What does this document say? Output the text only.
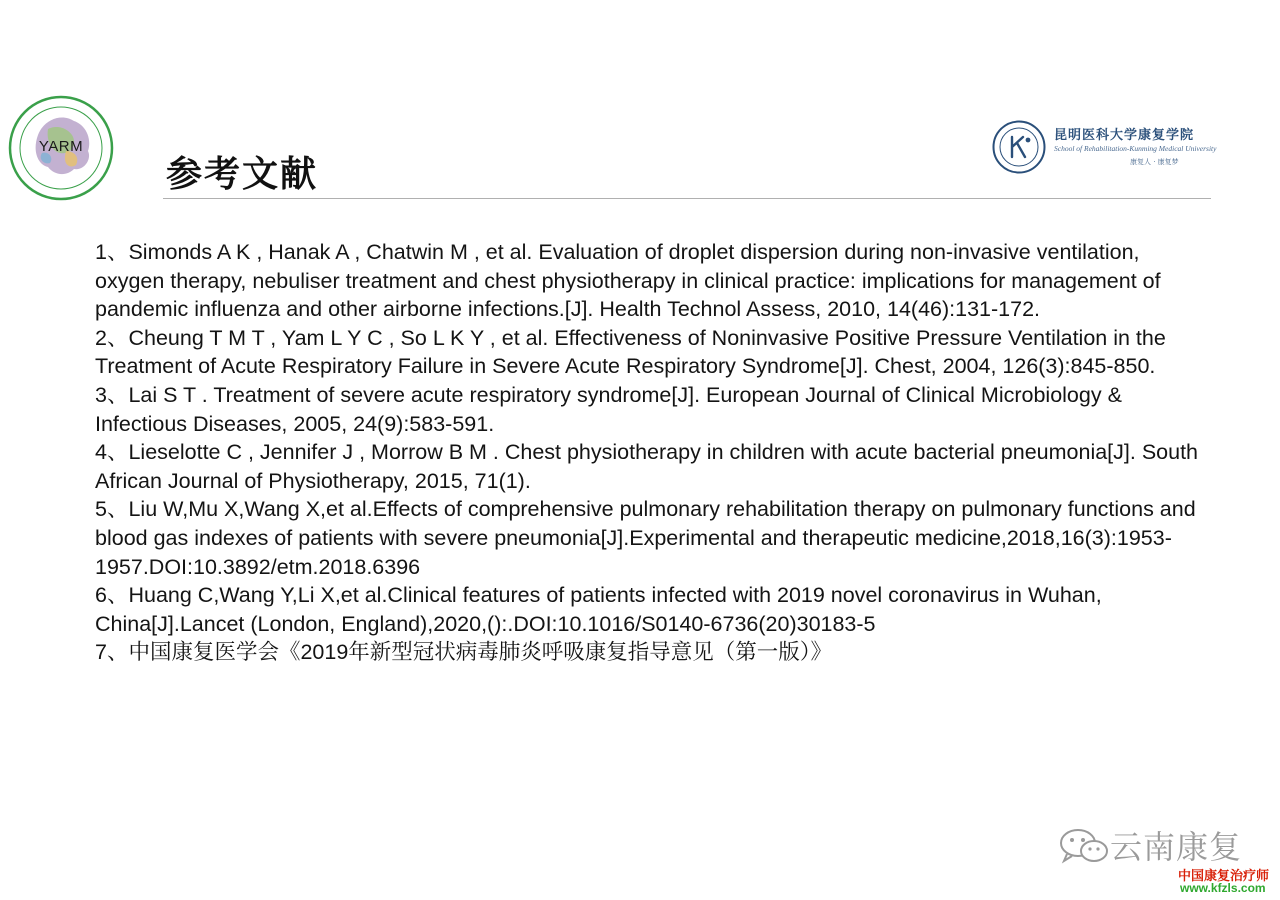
YARM
参考文献
昆明医科大学康复学院
School of Rehabilitation-Kunming Medical University
康复人 · 康复梦
1、Simonds A K , Hanak A , Chatwin M , et al. Evaluation of droplet dispersion during non-invasive ventilation, oxygen therapy, nebuliser treatment and chest physiotherapy in clinical practice: implications for management of pandemic influenza and other airborne infections.[J]. Health Technol Assess, 2010, 14(46):131-172.
2、Cheung T M T , Yam L Y C , So L K Y , et al. Effectiveness of Noninvasive Positive Pressure Ventilation in the Treatment of Acute Respiratory Failure in Severe Acute Respiratory Syndrome[J]. Chest, 2004, 126(3):845-850.
3、Lai S T . Treatment of severe acute respiratory syndrome[J]. European Journal of Clinical Microbiology & Infectious Diseases, 2005, 24(9):583-591.
4、Lieselotte C , Jennifer J , Morrow B M . Chest physiotherapy in children with acute bacterial pneumonia[J]. South African Journal of Physiotherapy, 2015, 71(1).
5、Liu W,Mu X,Wang X,et al.Effects of comprehensive pulmonary rehabilitation therapy on pulmonary functions and blood gas indexes of patients with severe pneumonia[J].Experimental and therapeutic medicine,2018,16(3):1953-1957.DOI:10.3892/etm.2018.6396
6、Huang C,Wang Y,Li X,et al.Clinical features of patients infected with 2019 novel coronavirus in Wuhan, China[J].Lancet (London, England),2020,():.DOI:10.1016/S0140-6736(20)30183-5
7、中国康复医学会《2019年新型冠状病毒肺炎呼吸康复指导意见（第一版）》
云南康复
中国康复治疗师
www.kfzls.com
